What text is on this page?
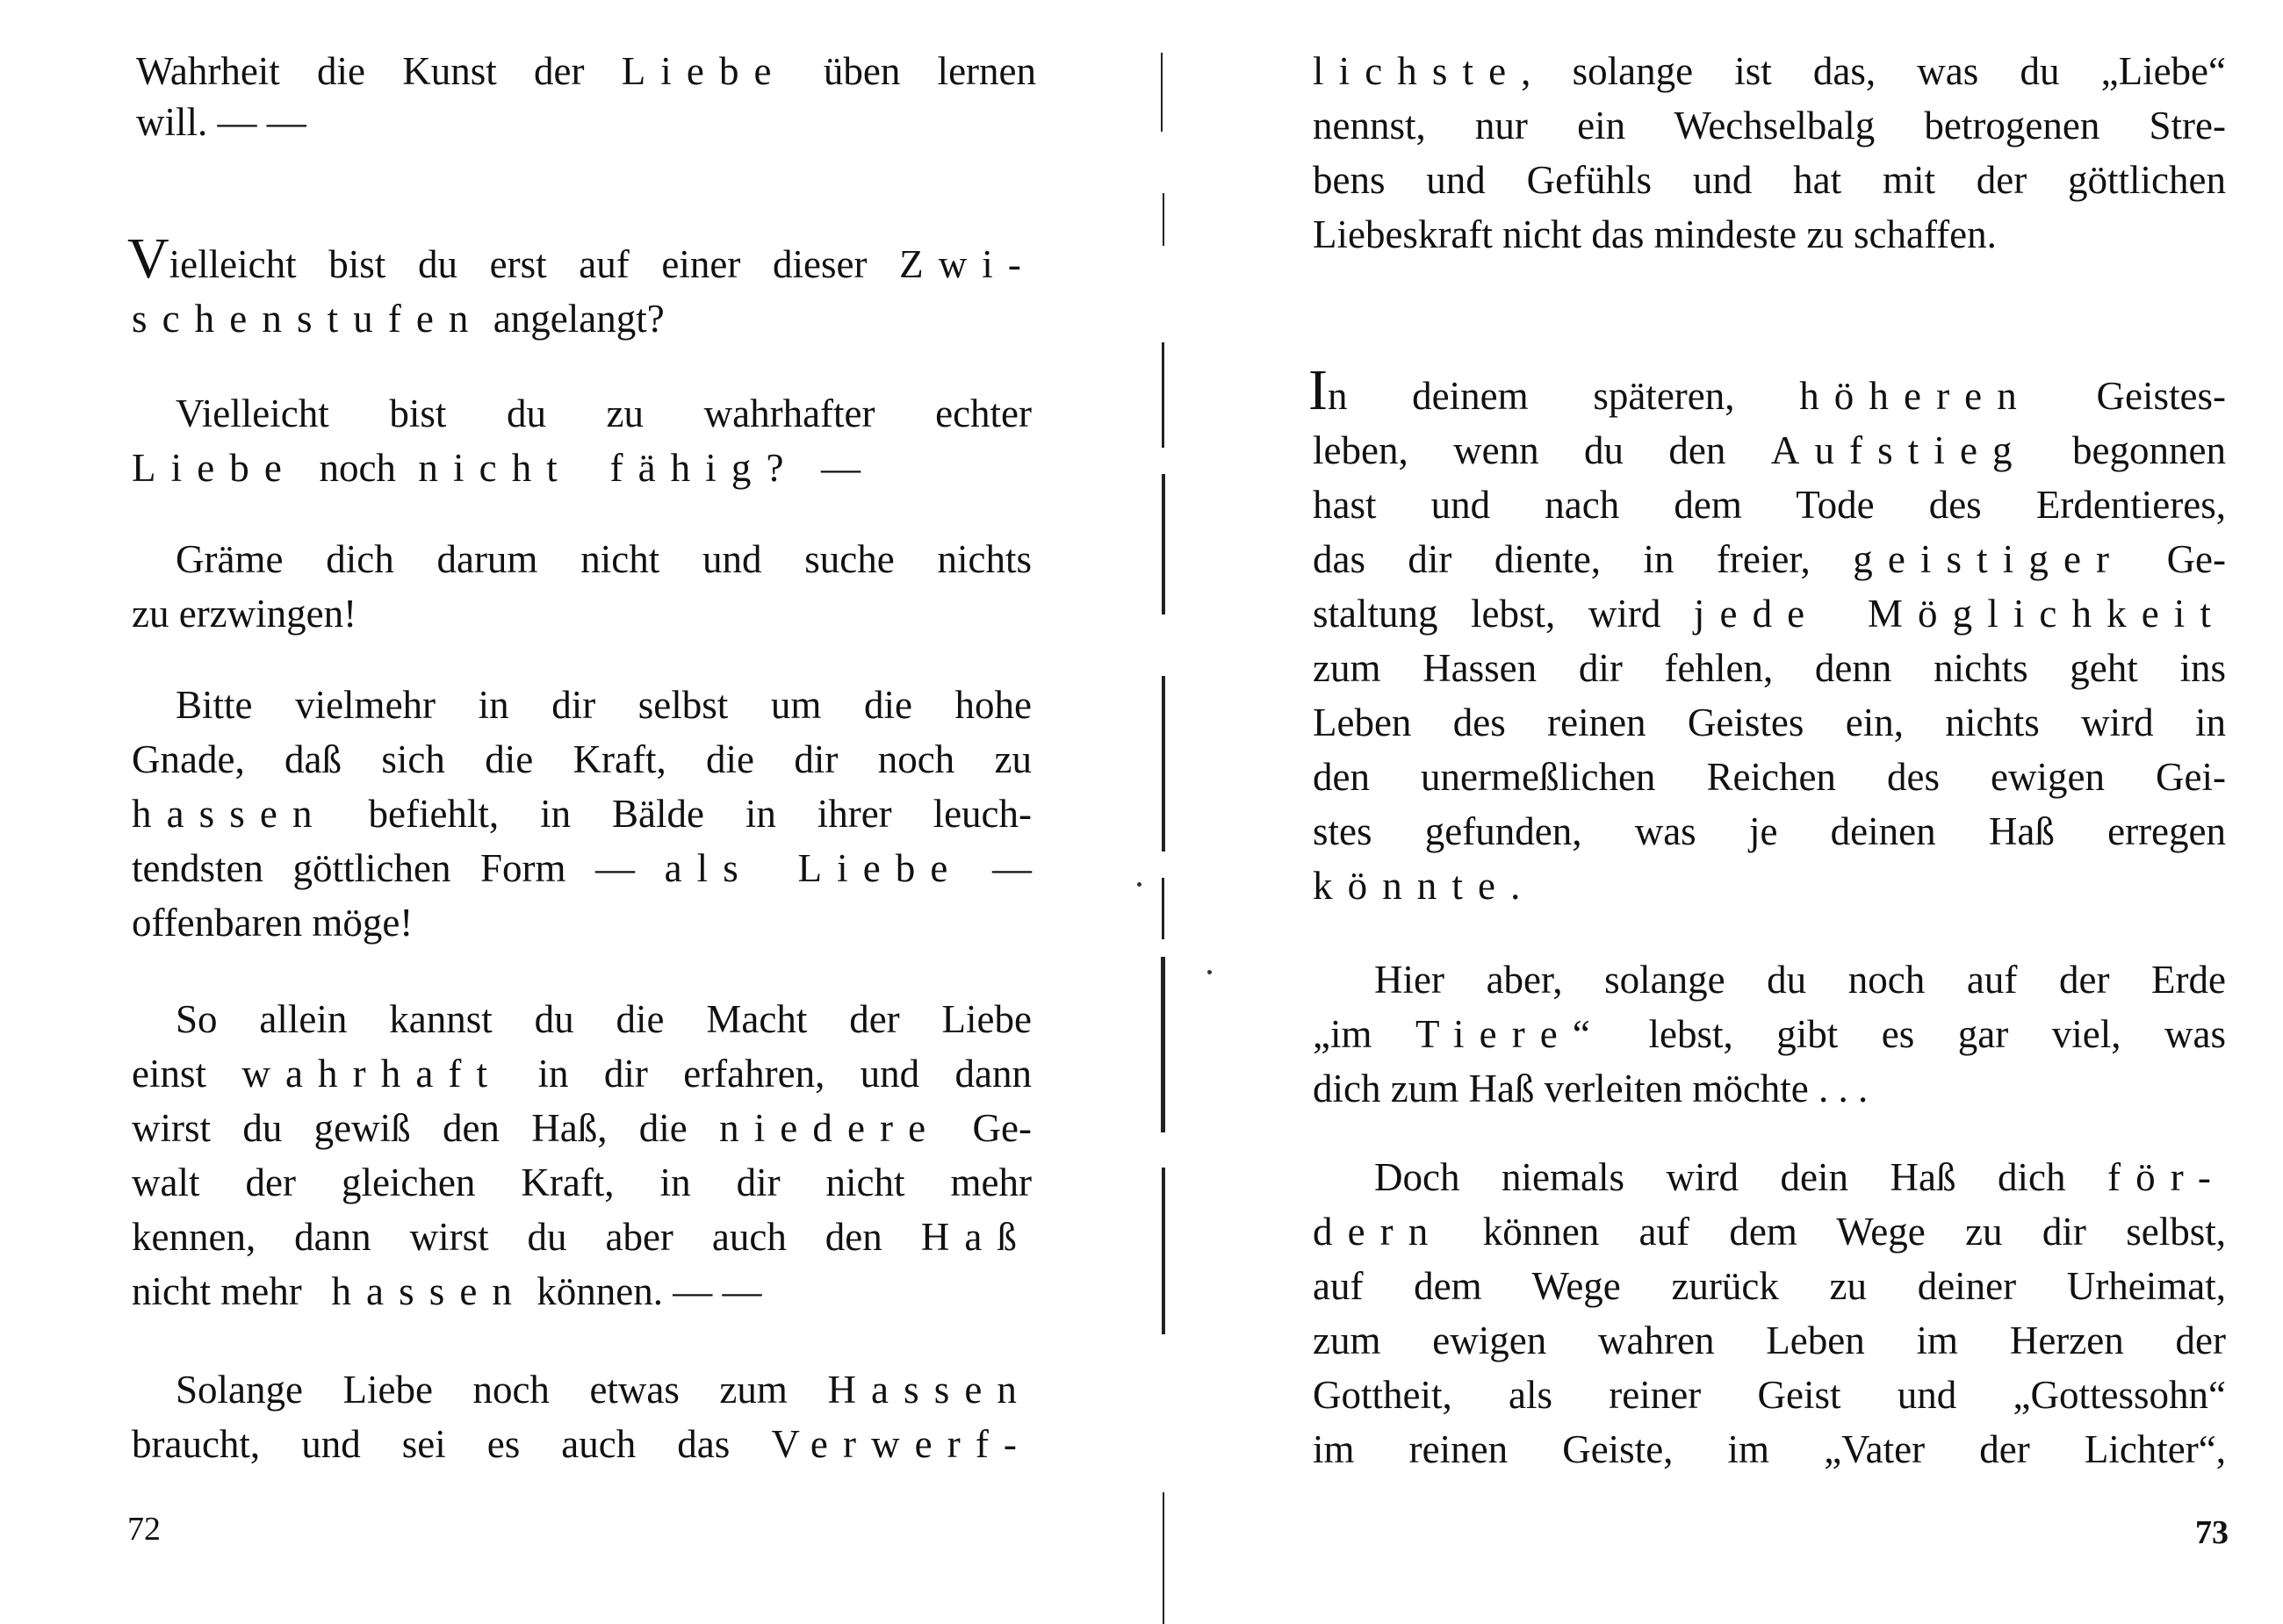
Wahrheit die Kunst der Liebe üben lernen

will. — —

Vielleicht bist du erst auf einer dieser Zwi-

schenstufen angelangt?

Vielleicht bist du zu wahrhafter echter

Liebe noch nicht fähig? —

Gräme dich darum nicht und suche nichts

zu erzwingen!

Bitte vielmehr in dir selbst um die hohe

Gnade, daß sich die Kraft, die dir noch zu

hassen befiehlt, in Bälde in ihrer leuch-

tendsten göttlichen Form — als Liebe —

offenbaren möge!

So allein kannst du die Macht der Liebe

einst wahrhaft in dir erfahren, und dann

wirst du gewiß den Haß, die niedere Ge-

walt der gleichen Kraft, in dir nicht mehr

kennen, dann wirst du aber auch den Haß

nicht mehr hassen können. — —

Solange Liebe noch etwas zum Hassen

braucht, und sei es auch das Verwerf-

72

lichste, solange ist das, was du „Liebe“

nennst, nur ein Wechselbalg betrogenen Stre-

bens und Gefühls und hat mit der göttlichen

Liebeskraft nicht das mindeste zu schaffen.

In deinem späteren, höheren Geistes-

leben, wenn du den Aufstieg begonnen

hast und nach dem Tode des Erdentieres,

das dir diente, in freier, geistiger Ge-

staltung lebst, wird jede Möglichkeit

zum Hassen dir fehlen, denn nichts geht ins

Leben des reinen Geistes ein, nichts wird in

den unermeßlichen Reichen des ewigen Gei-

stes gefunden, was je deinen Haß erregen

könnte.

Hier aber, solange du noch auf der Erde

„im Tiere“ lebst, gibt es gar viel, was

dich zum Haß verleiten möchte . . .

Doch niemals wird dein Haß dich för-

dern können auf dem Wege zu dir selbst,

auf dem Wege zurück zu deiner Urheimat,

zum ewigen wahren Leben im Herzen der

Gottheit, als reiner Geist und „Gottessohn“

im reinen Geiste, im „Vater der Lichter“,

73
